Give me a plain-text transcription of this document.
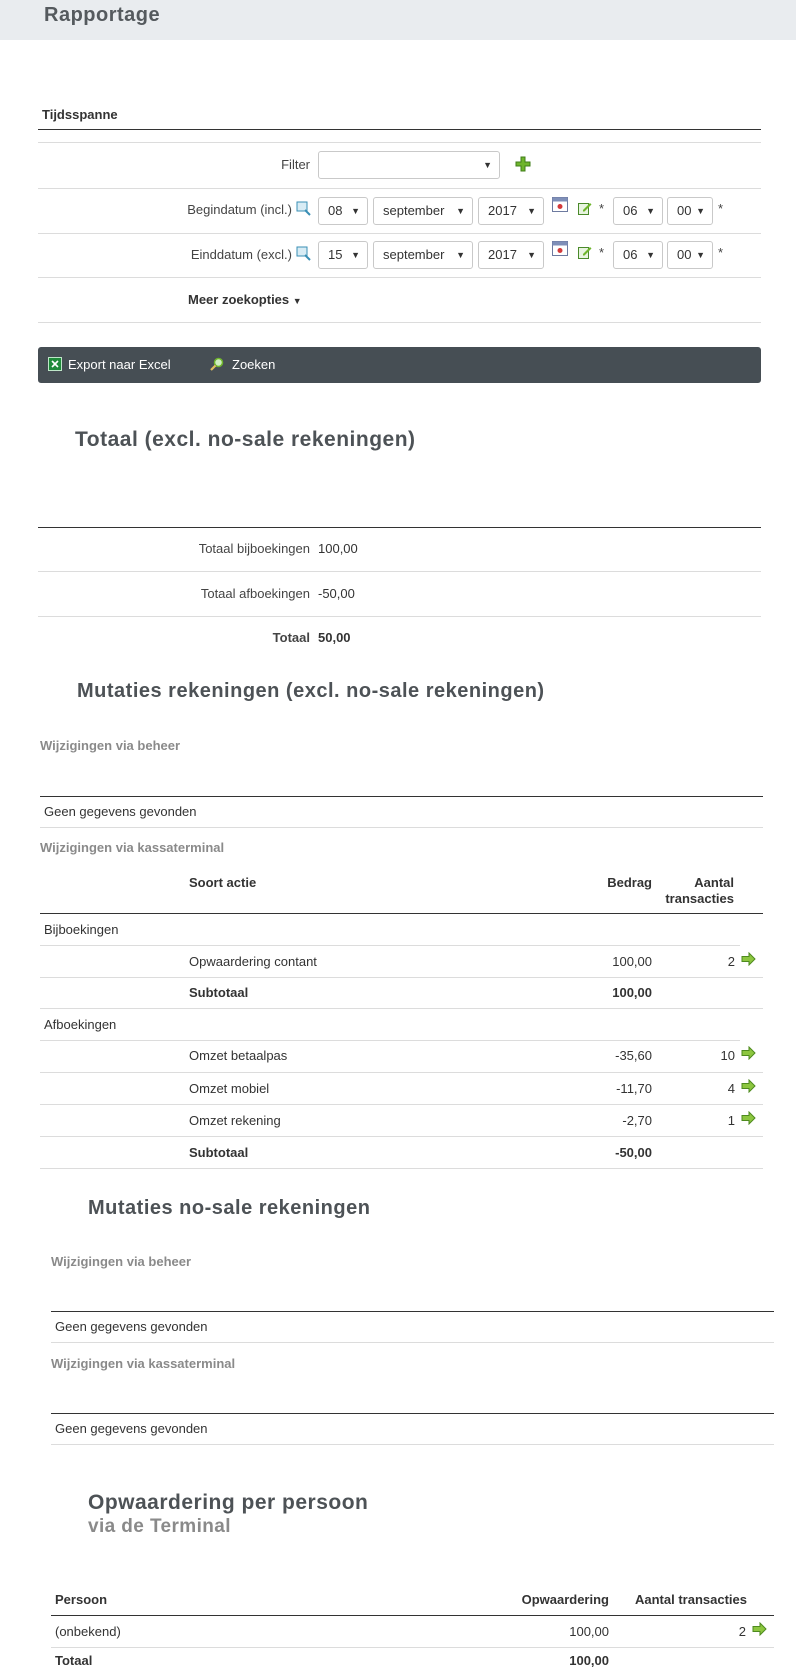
Rapportage
Tijdsspanne
Filter	▼
Begindatum (incl.)	08 ▼	september ▼	2017 ▼	*	06 ▼	00 ▼ *
Einddatum (excl.)	15 ▼	september ▼	2017 ▼	*	06 ▼	00 ▼ *
Meer zoekopties ▼
Export naar Excel	Zoeken
Totaal (excl. no-sale rekeningen)
Totaal bijboekingen 100,00
Totaal afboekingen -50,00
Totaal 50,00
Mutaties rekeningen (excl. no-sale rekeningen)
Wijzigingen via beheer
Geen gegevens gevonden
Wijzigingen via kassaterminal
Soort actie	Bedrag	Aantal
transacties
Bijboekingen
Opwaardering contant	100,00	2
Subtotaal	100,00
Afboekingen
Omzet betaalpas	-35,60	10
Omzet mobiel	-11,70	4
Omzet rekening	-2,70	1
Subtotaal	-50,00
Mutaties no-sale rekeningen
Wijzigingen via beheer
Geen gegevens gevonden
Wijzigingen via kassaterminal
Geen gegevens gevonden
Opwaardering per persoon
via de Terminal
Persoon	Opwaardering	Aantal transacties
(onbekend)	100,00	2
Totaal	100,00
